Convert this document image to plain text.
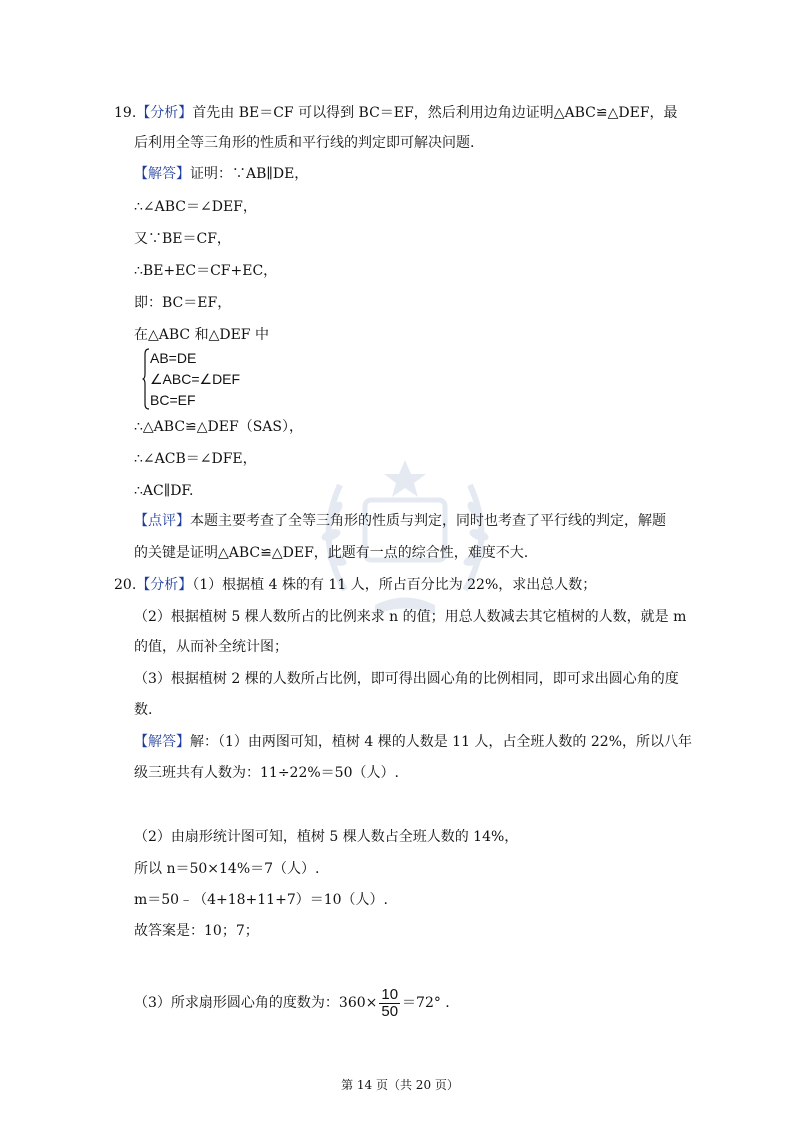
19.【分析】首先由 BE＝CF 可以得到 BC＝EF，然后利用边角边证明△ABC≌△DEF，最
后利用全等三角形的性质和平行线的判定即可解决问题.
【解答】证明：∵AB∥DE，
∴∠ABC＝∠DEF，
又∵BE＝CF，
∴BE+EC＝CF+EC，
即：BC＝EF，
在△ABC 和△DEF 中
AB=DE
∠ABC=∠DEF
BC=EF
∴△ABC≌△DEF（SAS），
∴∠ACB＝∠DFE，
∴AC∥DF.
【点评】本题主要考查了全等三角形的性质与判定，同时也考查了平行线的判定，解题
的关键是证明△ABC≌△DEF，此题有一点的综合性，难度不大.
20.【分析】（1）根据植 4 株的有 11 人，所占百分比为 22%，求出总人数；
（2）根据植树 5 棵人数所占的比例来求 n 的值；用总人数减去其它植树的人数，就是 m
的值，从而补全统计图；
（3）根据植树 2 棵的人数所占比例，即可得出圆心角的比例相同，即可求出圆心角的度
数.
【解答】解：（1）由两图可知，植树 4 棵的人数是 11 人，占全班人数的 22%，所以八年
级三班共有人数为：11÷22%＝50（人）.
（2）由扇形统计图可知，植树 5 棵人数占全班人数的 14%，
所以 n＝50×14%＝7（人）.
m＝50﹣（4+18+11+7）＝10（人）.
故答案是：10；7；
（3）所求扇形圆心角的度数为：$360\times \frac{10}{50} =72^\circ$ .
第 14 页（共 20 页）
